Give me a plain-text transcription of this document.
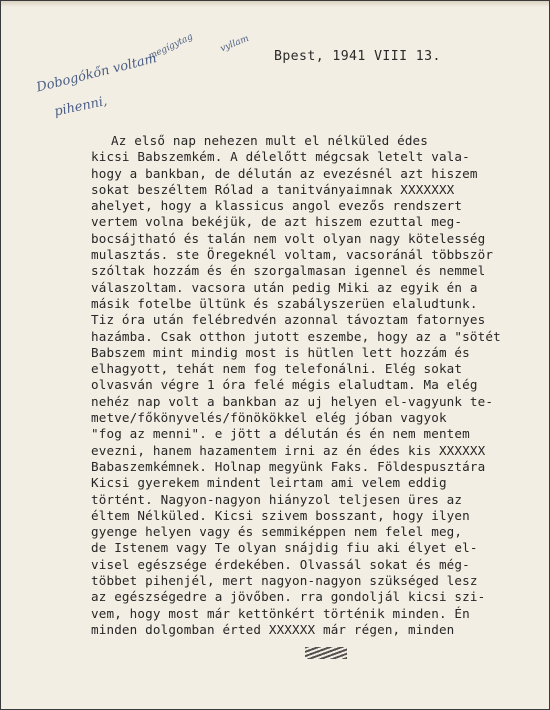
Bpest, 1941 VIII 13.
Dobogókőn voltam
pihenni,
megígytag	vyllam
Az első nap nehezen mult el nélküled édes
kicsi Babszemkém. A délelőtt mégcsak letelt vala-
hogy a bankban, de délután az evezésnél azt hiszem
sokat beszéltem Rólad a tanitványaimnak XXXXXXX
ahelyet, hogy a klassicus angol evezős rendszert
vertem volna bekéjük, de azt hiszem ezuttal meg-
bocsájtható és talán nem volt olyan nagy kötelesség
mulasztás. ste Öregeknél voltam, vacsoránál többször
szóltak hozzám és én szorgalmasan igennel és nemmel
válaszoltam. vacsora után pedig Miki az egyik én a
másik fotelbe ültünk és szabályszerüen elaludtunk.
Tiz óra után felébredvén azonnal távoztam fatornyes
hazámba. Csak otthon jutott eszembe, hogy az a "sötét
Babszem mint mindig most is hütlen lett hozzám és
elhagyott, tehát nem fog telefonálni. Elég sokat
olvasván végre 1 óra felé mégis elaludtam. Ma elég
nehéz nap volt a bankban az uj helyen el-vagyunk te-
metve/főkönyvelés/fönökökkel elég jóban vagyok
"fog az menni". e jött a délután és én nem mentem
evezni, hanem hazamentem irni az én édes kis XXXXXX
Babaszemkémnek. Holnap megyünk Faks. Földespusztára
Kicsi gyerekem mindent leirtam ami velem eddig
történt. Nagyon-nagyon hiányzol teljesen üres az
éltem Nélküled. Kicsi szivem bosszant, hogy ilyen
gyenge helyen vagy és semmiképpen nem felel meg,
de Istenem vagy Te olyan snájdig fiu aki élyet el-
visel egészsége érdekében. Olvassál sokat és még-
többet pihenjél, mert nagyon-nagyon szükséged lesz
az egészségedre a jövőben. rra gondoljál kicsi szi-
vem, hogy most már kettönkért történik minden. Én
minden dolgomban érted XXXXXX már régen, minden
